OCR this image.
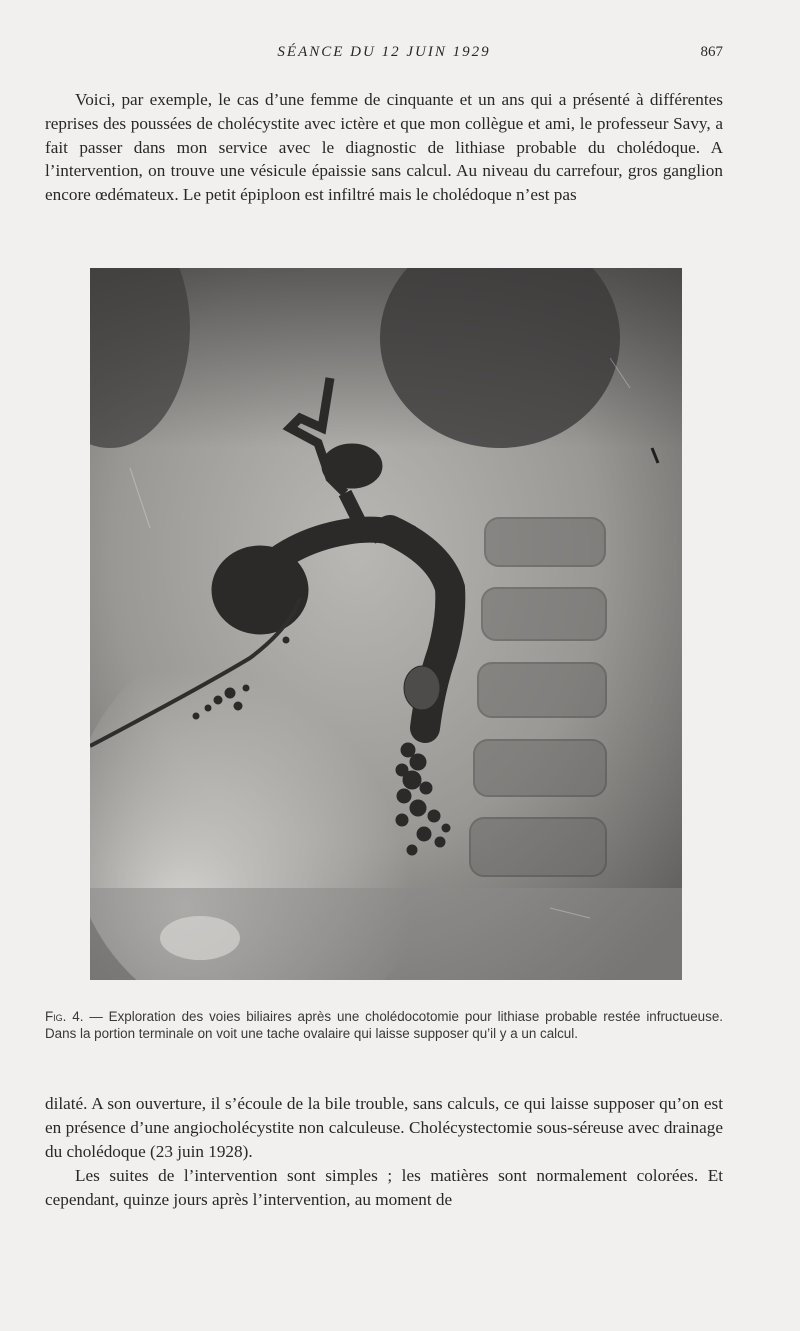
SÉANCE DU 12 JUIN 1929	867

Voici, par exemple, le cas d’une femme de cinquante et un ans qui a présenté à différentes reprises des poussées de cholécystite avec ictère et que mon collègue et ami, le professeur Savy, a fait passer dans mon service avec le diagnostic de lithiase probable du cholédoque. A l’intervention, on trouve une vésicule épaissie sans calcul. Au niveau du carrefour, gros ganglion encore œdémateux. Le petit épiploon est infiltré mais le cholédoque n’est pas

Fig. 4. — Exploration des voies biliaires après une cholédocotomie pour lithiase probable restée infructueuse. Dans la portion terminale on voit une tache ovalaire qui laisse supposer qu’il y a un calcul.

dilaté. A son ouverture, il s’écoule de la bile trouble, sans calculs, ce qui laisse supposer qu’on est en présence d’une angiocholécystite non calculeuse. Cholécystectomie sous-séreuse avec drainage du cholédoque (23 juin 1928).

Les suites de l’intervention sont simples ; les matières sont normalement colorées. Et cependant, quinze jours après l’intervention, au moment de
